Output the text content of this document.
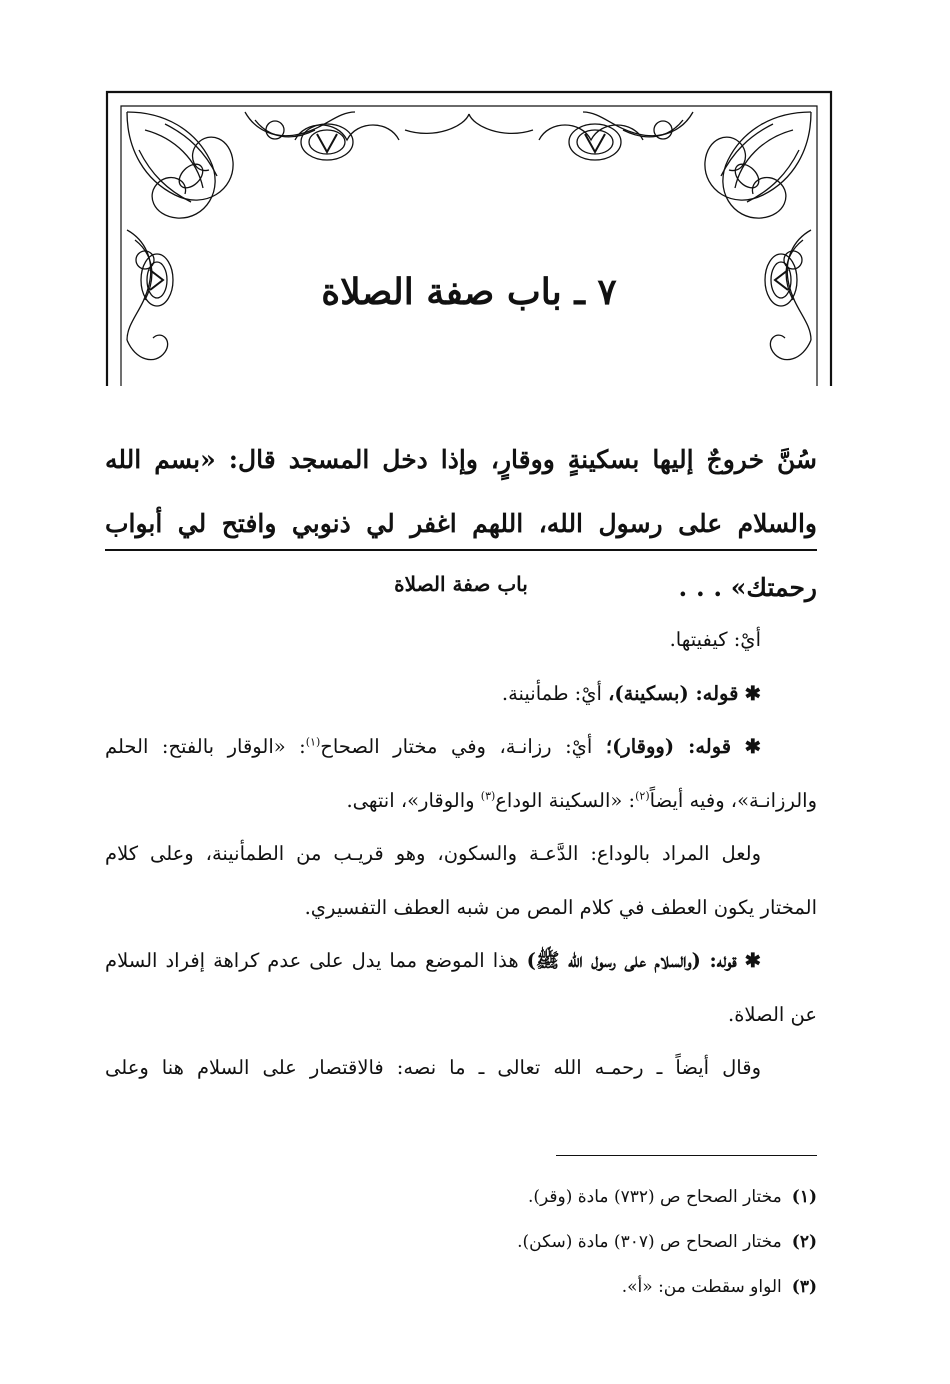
٧ ـ باب صفة الصلاة

سُنَّ خروجٌ إليها بسكينةٍ ووقارٍ، وإذا دخل المسجد قال: «بسم الله

والسلام على رسول الله، اللهم اغفر لي ذنوبي وافتح لي أبواب رحمتك» . . .

باب صفة الصلاة

أيْ: كيفيتها.

✱ قوله: (بسكينة)، أيْ: طمأنينة.

✱ قوله: (ووقار)؛ أيْ: رزانـة، وفي مختار الصحاح$^{(١)}$: «الوقار بالفتح: الحلم والرزانـة»، وفيه أيضاً$^{(٢)}$: «السكينة الوداع$^{(٣)}$ والوقار»، انتهى.

ولعل المراد بالوداع: الدَّعـة والسكون، وهو قريـب من الطمأنينة، وعلى كلام المختار يكون العطف في كلام المص من شبه العطف التفسيري.

✱ قوله: (والسلام على رسول الله ﷺ) هذا الموضع مما يدل على عدم كراهة إفراد السلام عن الصلاة.

وقال أيضاً ـ رحمـه الله تعالى ـ ما نصه: فالاقتصار على السلام هنا وعلى

(١)مختار الصحاح ص (٧٣٢) مادة (وقر).
(٢)مختار الصحاح ص (٣٠٧) مادة (سكن).
(٣)الواو سقطت من: «أ».
